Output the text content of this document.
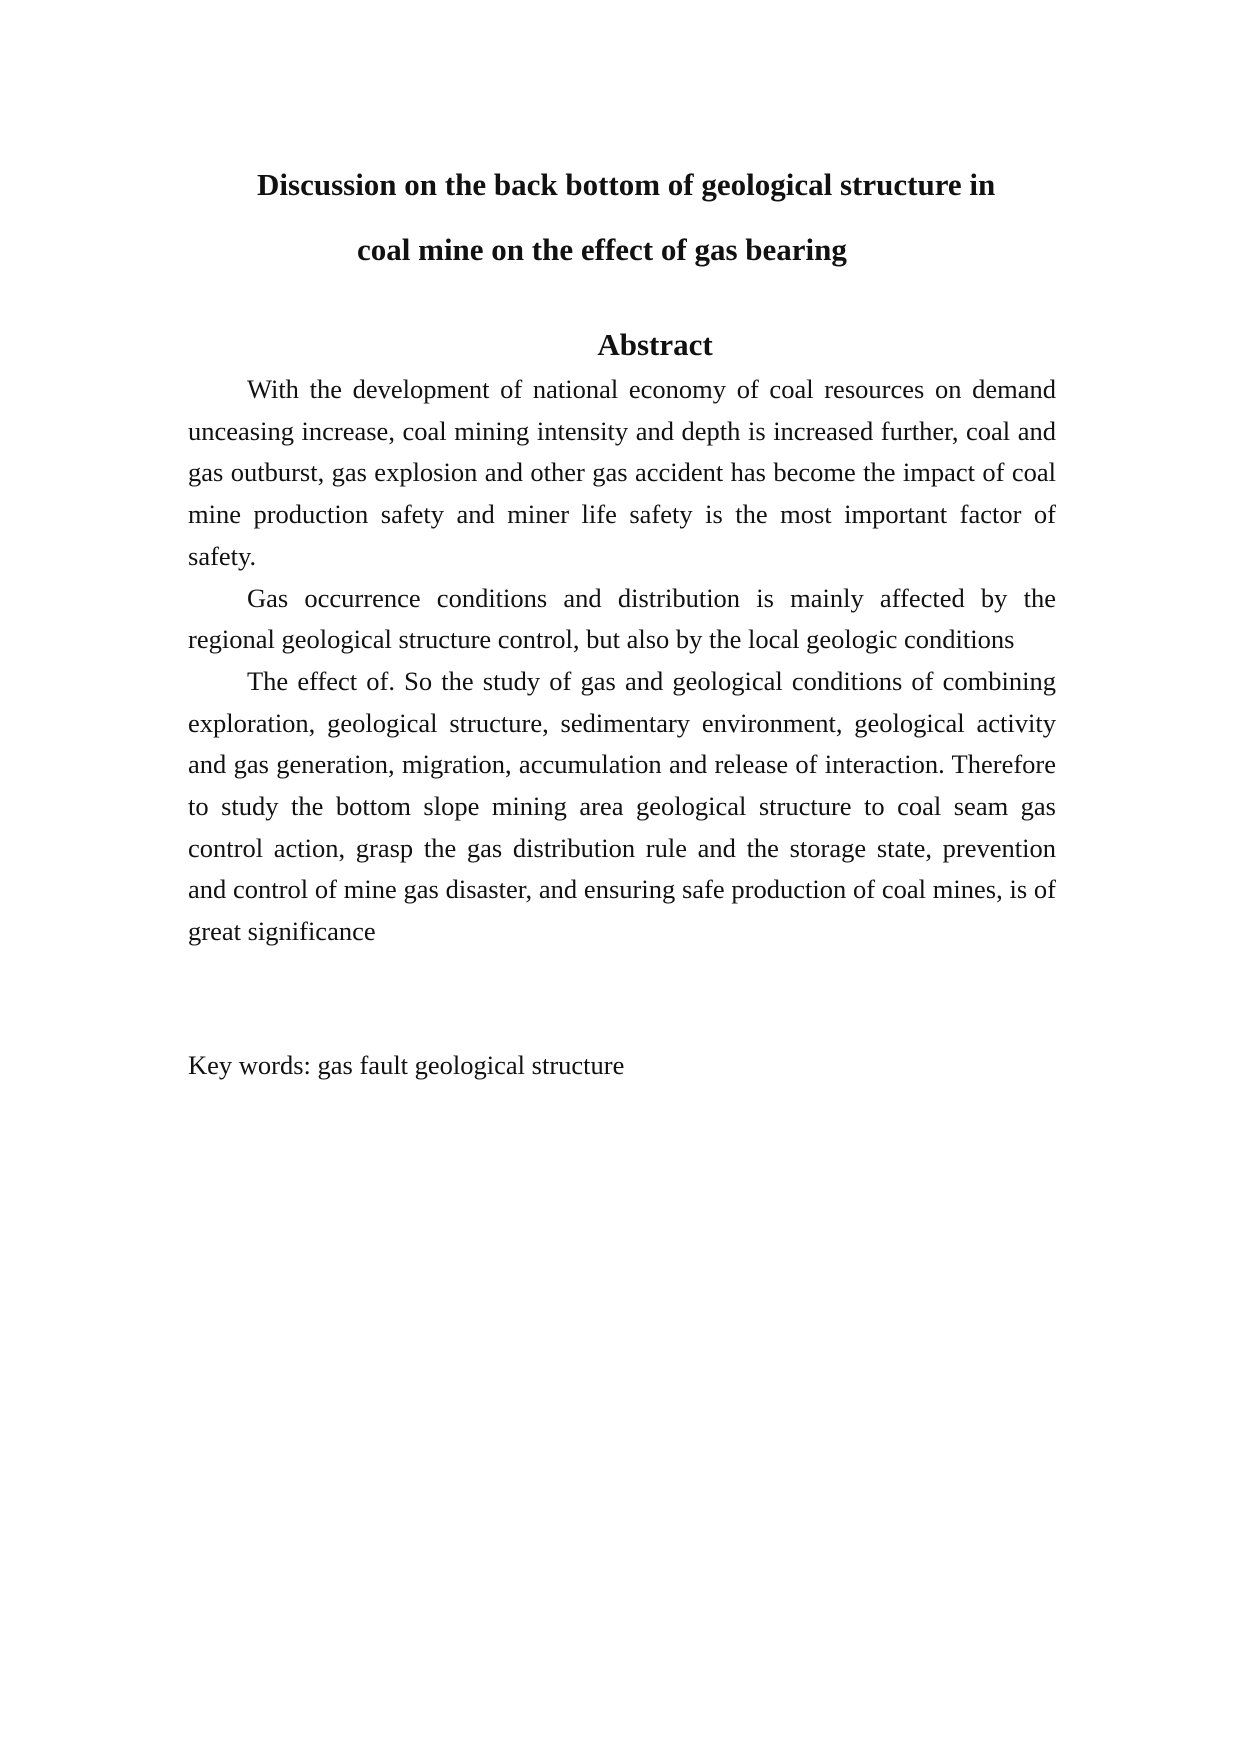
Discussion on the back bottom of geological structure in
coal mine on the effect of gas bearing
Abstract

With the development of national economy of coal resources on demand unceasing increase, coal mining intensity and depth is increased further, coal and gas outburst, gas explosion and other gas accident has become the impact of coal mine production safety and miner life safety is the most important factor of safety.

Gas occurrence conditions and distribution is mainly affected by the regional geological structure control, but also by the local geologic conditions

The effect of. So the study of gas and geological conditions of combining exploration, geological structure, sedimentary environment, geological activity and gas generation, migration, accumulation and release of interaction. Therefore to study the bottom slope mining area geological structure to coal seam gas control action, grasp the gas distribution rule and the storage state, prevention and control of mine gas disaster, and ensuring safe production of coal mines, is of great significance

Key words: gas fault geological structure
